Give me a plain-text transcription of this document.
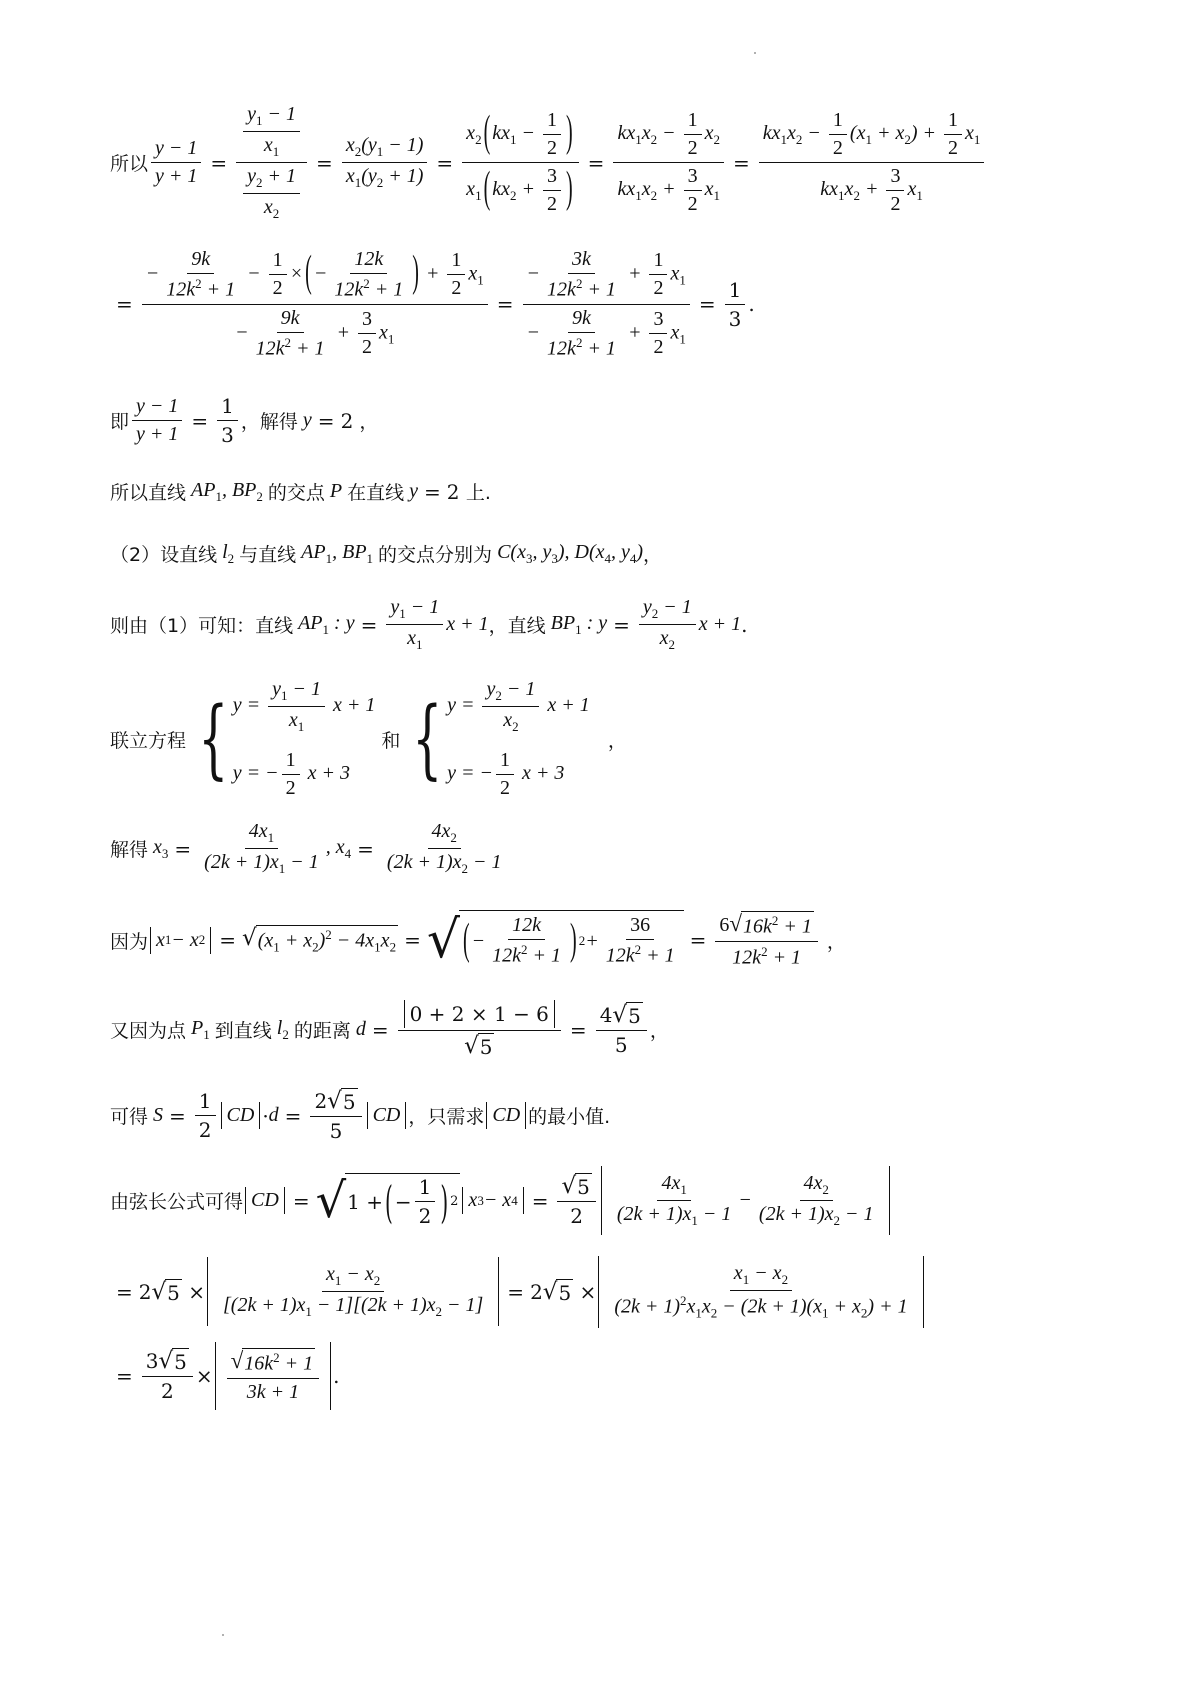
所以 $\frac{y - 1}{y + 1} = \frac{\frac{y_1 - 1}{x_1}}{\frac{y_2 + 1}{x_2}} = \frac{x_2(y_1 - 1)}{x_1(y_2 + 1)} = \frac{x_2 ( kx_1 - \frac{1}{2} )}{x_1 ( kx_2 + \frac{3}{2} )} = \frac{kx_1x_2 - \frac{1}{2} x_2}{kx_1x_2 + \frac{3}{2} x_1} = \frac{kx_1x_2 - \frac{1}{2} (x_1 + x_2) + \frac{1}{2} x_1}{kx_1x_2 + \frac{3}{2} x_1}$
= $\frac{- \frac{9k}{12k^2 + 1} - \frac{1}{2} \times ( - \frac{12k}{12k^2 + 1} ) + \frac{1}{2} x_1}{- \frac{9k}{12k^2 + 1} + \frac{3}{2} x_1} = \frac{- \frac{3k}{12k^2 + 1} + \frac{1}{2} x_1}{- \frac{9k}{12k^2 + 1} + \frac{3}{2} x_1} = \frac{1}{3}$ .
即 $\frac{y - 1}{y + 1} = \frac{1}{3}$ ，解得 y = 2 ，
所以直线 $AP_1$, $BP_2$ 的交点 P 在直线 y = 2 上.
（2）设直线 $l_2$ 与直线 $AP_1$, $BP_1$ 的交点分别为 $C(x_3$, $y_3$), $D(x_4$, $y_4$) ，
则由（1）可知：直线 $AP_1$ : $y = \frac{y_1 - 1}{x_1}$ x + 1 ，直线 $BP_1$ : $y = \frac{y_2 - 1}{x_2}$ x + 1 .
联立方程 { $y = \frac{y_1 - 1}{x_1}$ x + 1
y = − $\frac{1}{2}$ x + 3
和 { $y = \frac{y_2 - 1}{x_2}$ x + 1
y = − $\frac{1}{2}$ x + 3
，
解得 $x_3 = \frac{4x_1}{(2k + 1)x_1 - 1}$ , $x_4 = \frac{4x_2}{(2k + 1)x_2 - 1}$
因为 x 1 − x 2 = √ $(x_1 + x_2)^2 - 4x_1x_2$ = √ ( − $\frac{12k}{12k^2 + 1}$ ) $2 + \frac{36}{12k^2 + 1} = \frac{6 √ 16k^2 + 1}{12k^2 + 1}$ ，
又因为点 $P_1$ 到直线 $l_2$ 的距离 $d = \frac{0 + 2 \times 1 - 6}{√ 5} = \frac{4 √ 5}{5}$ ，
可得 $S = \frac{1}{2}$ CD · $d = \frac{2 √ 5}{5}$ CD ，只需求 CD 的最小值.
由弦长公式可得 CD = √ 1 + ( − $\frac{1}{2}$ ) 2 x 3 − x $4 = \frac{√ 5}{2} \frac{4x_1}{(2k + 1)x_1 - 1} - \frac{4x_2}{(2k + 1)x_2 - 1}$
= 2 √ $5 \times \frac{x_1 - x_2}{[(2k + 1)x_1 - 1][(2k + 1)x_2 - 1]} = 2$ √ $5 \times \frac{x_1 - x_2}{(2k + 1)^2x_1x_2 - (2k + 1)(x_1 + x_2) + 1}$
= $\frac{3 √ 5}{2} \times \frac{√ 16k^2 + 1}{3k + 1}$ .
